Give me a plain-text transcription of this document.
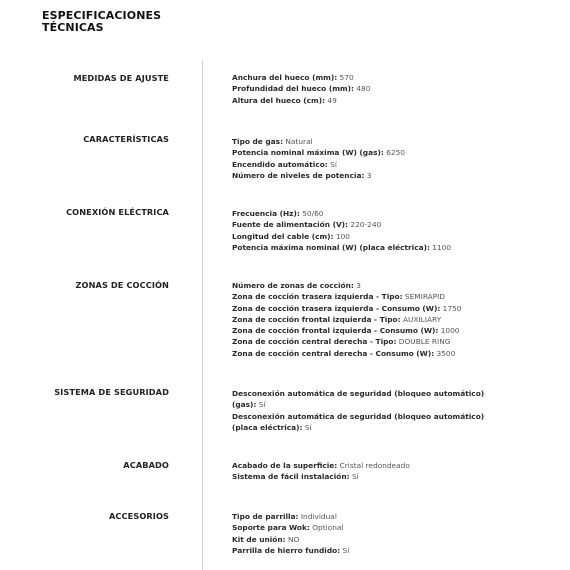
ESPECIFICACIONES
TÉCNICAS
MEDIDAS DE AJUSTE	Anchura del hueco (mm): 570
Profundidad del hueco (mm): 480
Altura del hueco (cm): 49
CARACTERÍSTICAS	Tipo de gas: Natural
Potencia nominal máxima (W) (gas): 6250
Encendido automático: Sí
Número de niveles de potencia: 3
CONEXIÓN ELÉCTRICA	Frecuencia (Hz): 50/60
Fuente de alimentación (V): 220-240
Longitud del cable (cm): 100
Potencia máxima nominal (W) (placa eléctrica): 1100
ZONAS DE COCCIÓN	Número de zonas de cocción: 3
Zona de cocción trasera izquierda - Tipo: SEMIRAPID
Zona de cocción trasera izquierda - Consumo (W): 1750
Zona de cocción frontal izquierda - Tipo: AUXILIARY
Zona de cocción frontal izquierda - Consumo (W): 1000
Zona de cocción central derecha - Tipo: DOUBLE RING
Zona de cocción central derecha - Consumo (W): 3500
SISTEMA DE SEGURIDAD	Desconexión automática de seguridad (bloqueo automático) (gas): Sí
Desconexión automática de seguridad (bloqueo automático) (placa eléctrica): Sí
ACABADO	Acabado de la superficie: Cristal redondeado
Sistema de fácil instalación: Sí
ACCESORIOS	Tipo de parrilla: Individual
Soporte para Wok: Optional
Kit de unión: NO
Parrilla de hierro fundido: Sí
